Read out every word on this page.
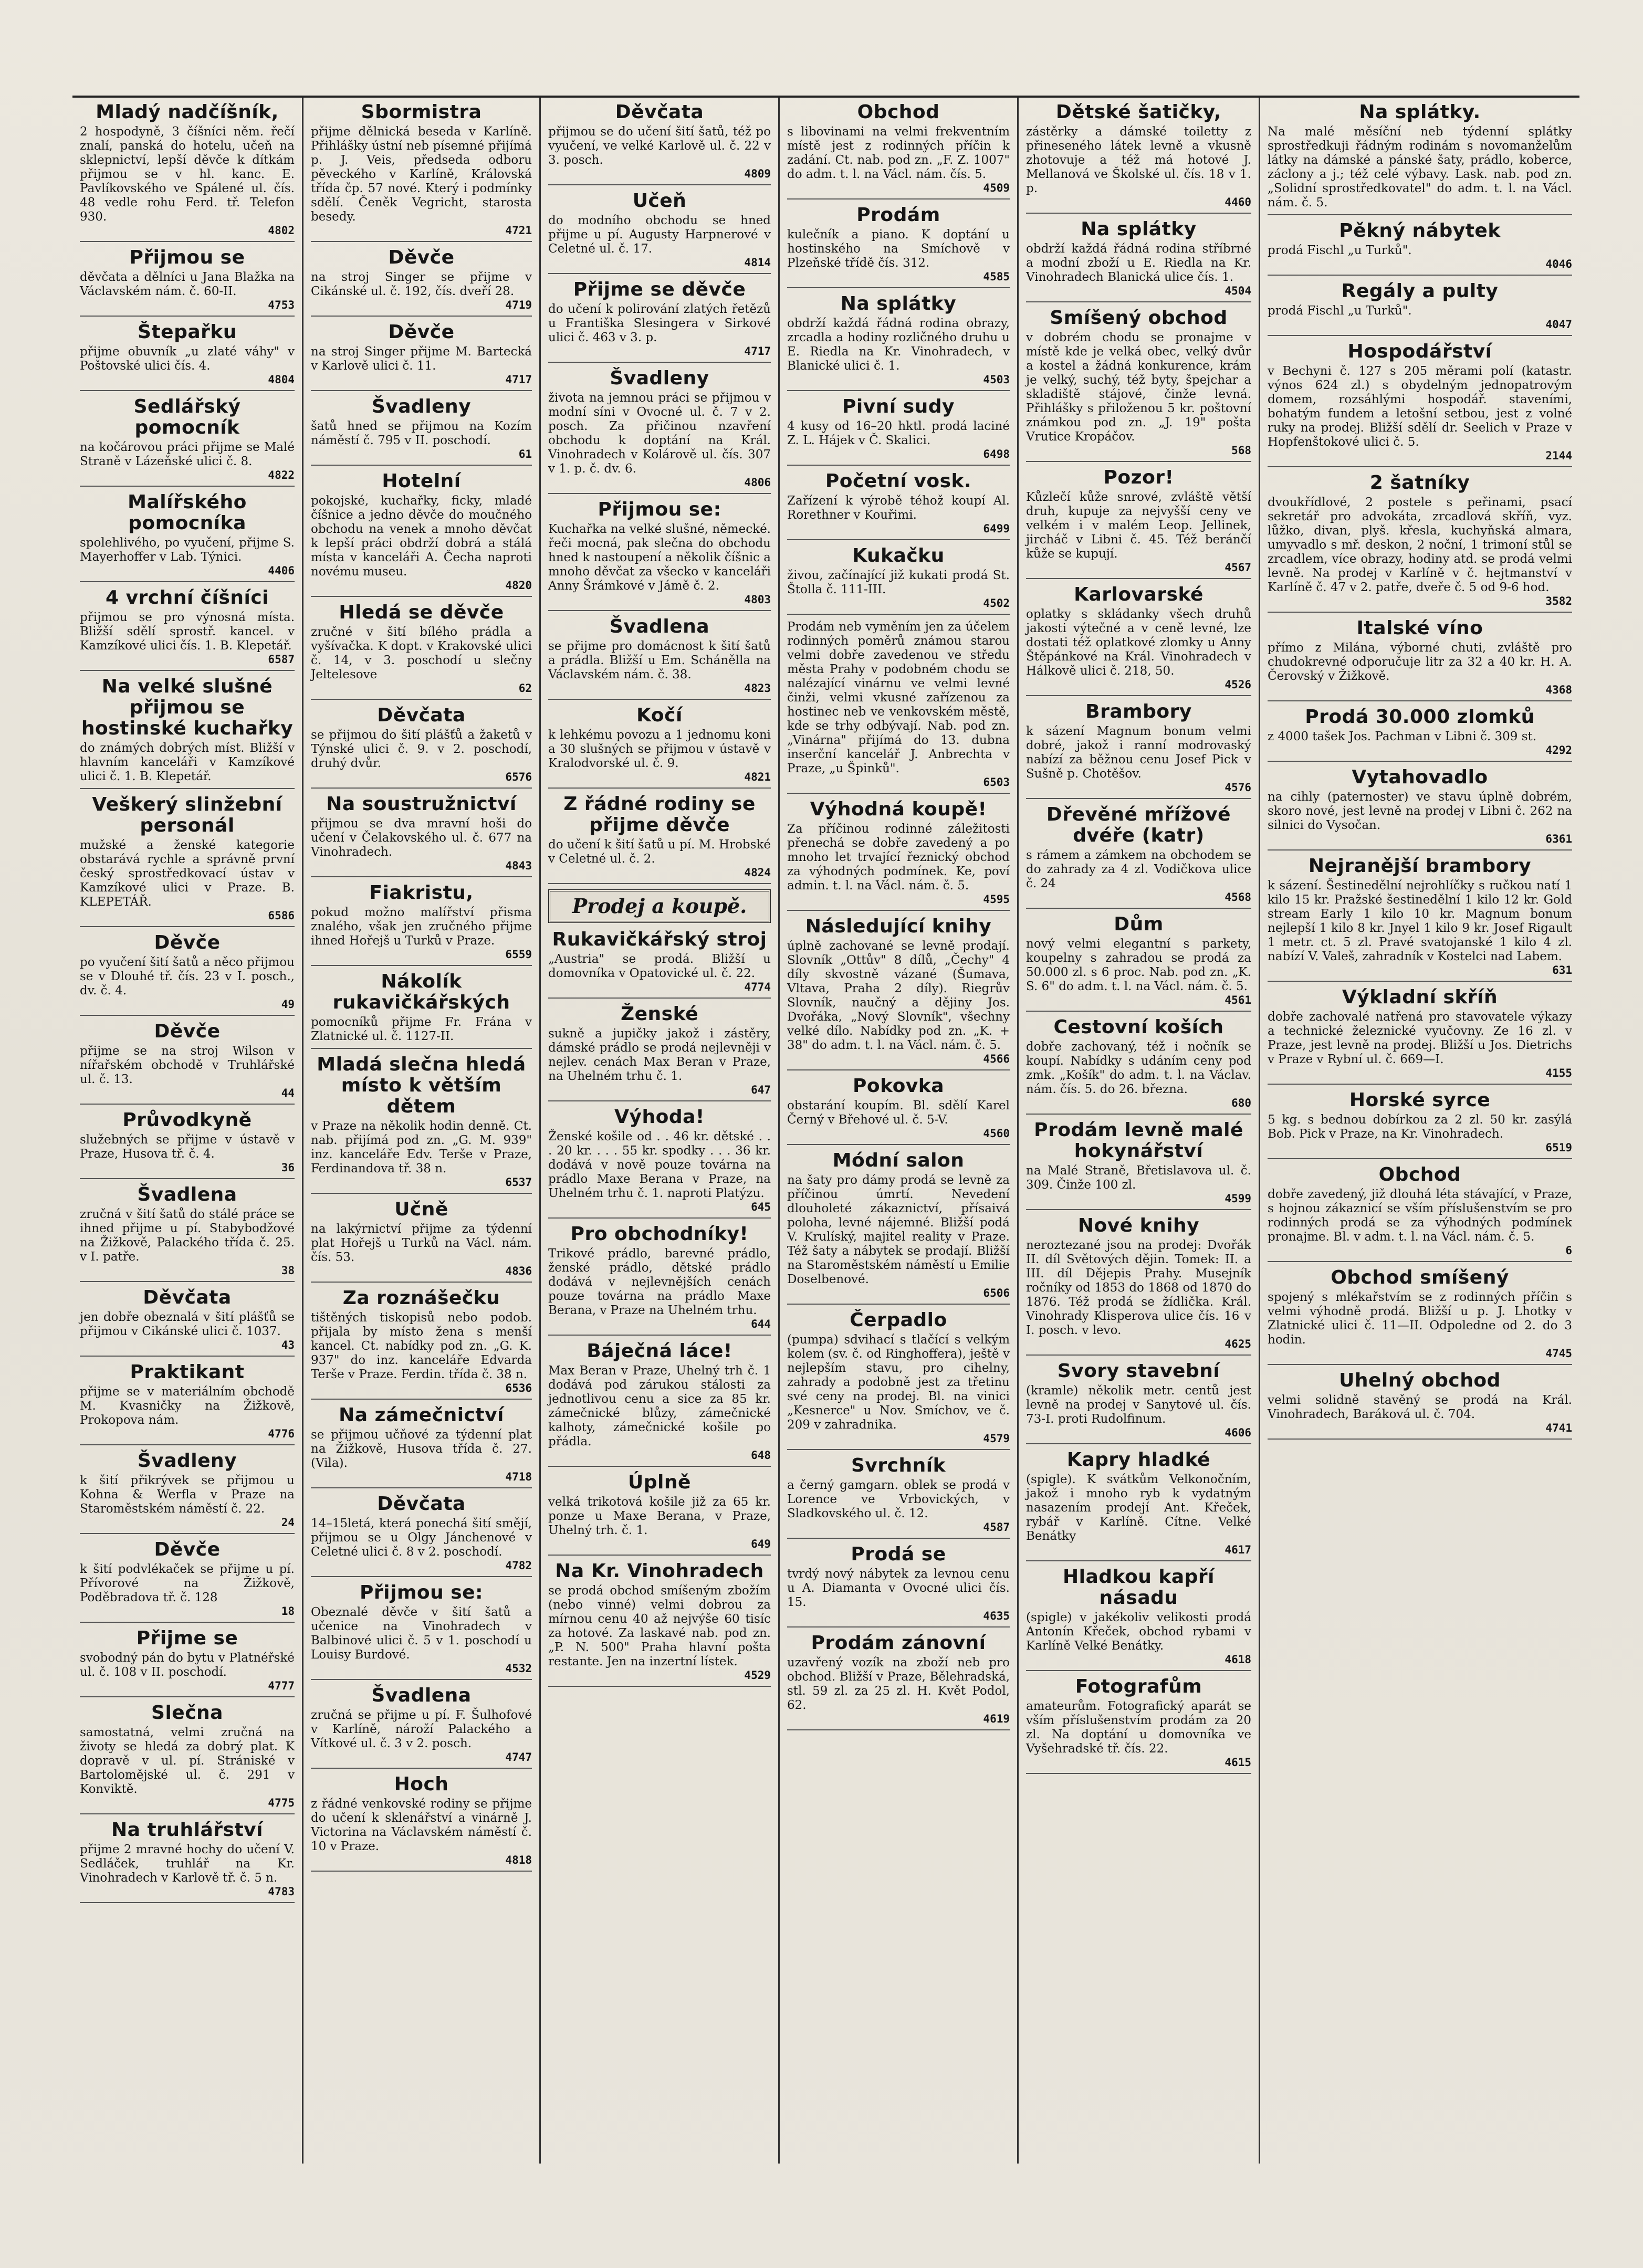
Mladý nadčíšník,

2 hospodyně, 3 číšníci něm. řečí znalí, panská do hotelu, učeň na sklepnictví, lepší děvče k dítkám přijmou se v hl. kanc. E. Pavlíkovského ve Spálené ul. čís. 48 vedle rohu Ferd. tř. Telefon 930.

4802
Přijmou se

děvčata a dělníci u Jana Blažka na Václavském nám. č. 60-II.

4753
Štepařku

přijme obuvník „u zlaté váhy" v Poštovské ulici čís. 4.

4804
Sedlářský pomocník

na kočárovou práci přijme se Malé Straně v Lázeňské ulici č. 8.

4822
Malířského pomocníka

spolehlivého, po vyučení, přijme S. Mayerhoffer v Lab. Týnici.

4406
4 vrchní číšníci

přijmou se pro výnosná místa. Bližší sdělí sprostř. kancel. v Kamzíkové ulici čís. 1. B. Klepetář.

6587
Na velké slušné přijmou se hostinské kuchařky

do známých dobrých míst. Bližší v hlavním kanceláři v Kamzíkové ulici č. 1. B. Klepetář.

Veškerý slinžební personál

mužské a ženské kategorie obstarává rychle a správně první český sprostředkovací ústav v Kamzíkové ulici v Praze. B. KLEPETÁŘ.

6586
Děvče

po vyučení šití šatů a něco přijmou se v Dlouhé tř. čís. 23 v I. posch., dv. č. 4.

49
Děvče

přijme se na stroj Wilson v nířařském obchodě v Truhlářské ul. č. 13.

44
Průvodkyně

služebných se přijme v ústavě v Praze, Husova tř. č. 4.

36
Švadlena

zručná v šití šatů do stálé práce se ihned přijme u pí. Stabybodžové na Žižkově, Palackého třída č. 25. v I. patře.

38
Děvčata

jen dobře obeznalá v šití plášťů se přijmou v Cikánské ulici č. 1037.

43
Praktikant

přijme se v materiálním obchodě M. Kvasničky na Žižkově, Prokopova nám.

4776
Švadleny

k šití přikrývek se přijmou u Kohna & Werfla v Praze na Staroměstském náměstí č. 22.

24
Děvče

k šití podvlékaček se přijme u pí. Přívorové na Žižkově, Poděbradova tř. č. 128

18
Přijme se

svobodný pán do bytu v Platnéřské ul. č. 108 v II. poschodí.

4777
Slečna

samostatná, velmi zručná na životy se hledá za dobrý plat. K dopravě v ul. pí. Strániské v Bartolomějské ul. č. 291 v Konviktě.

4775
Na truhlářství

přijme 2 mravné hochy do učení V. Sedláček, truhlář na Kr. Vinohradech v Karlově tř. č. 5 n.

4783
Sbormistra

přijme dělnická beseda v Karlíně. Přihlášky ústní neb písemné přijímá p. J. Veis, předseda odboru pěveckého v Karlíně, Královská třída čp. 57 nové. Který i podmínky sdělí. Čeněk Vegricht, starosta besedy.

4721
Děvče

na stroj Singer se přijme v Cikánské ul. č. 192, čís. dveří 28.

4719
Děvče

na stroj Singer přijme M. Bartecká v Karlově ulici č. 11.

4717
Švadleny

šatů hned se přijmou na Kozím náměstí č. 795 v II. poschodí.

61
Hotelní

pokojské, kuchařky, ficky, mladé číšnice a jedno děvče do moučného obchodu na venek a mnoho děvčat k lepší práci obdrží dobrá a stálá místa v kanceláři A. Čecha naproti novému museu.

4820
Hledá se děvče

zručné v šití bílého prádla a vyšívačka. K dopt. v Krakovské ulici č. 14, v 3. poschodí u slečny Jeltelesove

62
Děvčata

se přijmou do šití plášťů a žaketů v Týnské ulici č. 9. v 2. poschodí, druhý dvůr.

6576
Na soustružnictví

přijmou se dva mravní hoši do učení v Čelakovského ul. č. 677 na Vinohradech.

4843
Fiakristu,

pokud možno malířství přisma znalého, však jen zručného přijme ihned Hořejš u Turků v Praze.

6559
Nákolík rukavičkářských

pomocníků přijme Fr. Frána v Zlatnické ul. č. 1127-II.

Mladá slečna hledá místo k větším dětem

v Praze na několik hodin denně. Ct. nab. přijímá pod zn. „G. M. 939" inz. kanceláře Edv. Terše v Praze, Ferdinandova tř. 38 n.

6537
Učně

na lakýrnictví přijme za týdenní plat Hořejš u Turků na Václ. nám. čís. 53.

4836
Za roznášečku

tištěných tiskopisů nebo podob. přijala by místo žena s menší kancel. Ct. nabídky pod zn. „G. K. 937" do inz. kanceláře Edvarda Terše v Praze. Ferdin. třída č. 38 n.

6536
Na zámečnictví

se přijmou učňové za týdenní plat na Žižkově, Husova třída č. 27. (Vila).

4718
Děvčata

14–15letá, která ponechá šití smějí, přijmou se u Olgy Jánchenové v Celetné ulici č. 8 v 2. poschodí.

4782
Přijmou se:

Obeznalé děvče v šití šatů a učenice na Vinohradech v Balbinové ulici č. 5 v 1. poschodí u Louisy Burdové.

4532
Švadlena

zručná se přijme u pí. F. Šulhofové v Karlíně, nároží Palackého a Vítkové ul. č. 3 v 2. posch.

4747
Hoch

z řádné venkovské rodiny se přijme do učení k sklenářství a vinárně J. Victorina na Václavském náměstí č. 10 v Praze.

4818
Děvčata

přijmou se do učení šití šatů, též po vyučení, ve velké Karlově ul. č. 22 v 3. posch.

4809
Učeň

do modního obchodu se hned přijme u pí. Augusty Harpnerové v Celetné ul. č. 17.

4814
Přijme se děvče

do učení k polirování zlatých řetězů u Františka Slesingera v Sirkové ulici č. 463 v 3. p.

4717
Švadleny

života na jemnou práci se přijmou v modní síni v Ovocné ul. č. 7 v 2. posch. Za přičinou nzavření obchodu k doptání na Král. Vinohradech v Kolárově ul. čís. 307 v 1. p. č. dv. 6.

4806
Přijmou se:

Kuchařka na velké slušné, německé. řeči mocná, pak slečna do obchodu hned k nastoupení a několik číšnic a mnoho děvčat za všecko v kanceláři Anny Šrámkové v Jámě č. 2.

4803
Švadlena

se přijme pro domácnost k šití šatů a prádla. Bližší u Em. Schánělla na Václavském nám. č. 38.

4823
Kočí

k lehkému povozu a 1 jednomu koni a 30 slušných se přijmou v ústavě v Kralodvorské ul. č. 9.

4821
Z řádné rodiny se přijme děvče

do učení k šití šatů u pí. M. Hrobské v Celetné ul. č. 2.

4824
Prodej a koupě.
Rukavičkářský stroj

„Austria" se prodá. Bližší u domovníka v Opatovické ul. č. 22.

4774
Ženské

sukně a jupičky jakož i zástěry, dámské prádlo se prodá nejlevněji v nejlev. cenách Max Beran v Praze, na Uhelném trhu č. 1.

647
Výhoda!

Ženské košile od . . 46 kr. dětské . . . 20 kr. . . . 55 kr. spodky . . . 36 kr. dodává v nově pouze továrna na prádlo Maxe Berana v Praze, na Uhelném trhu č. 1. naproti Platýzu.

645
Pro obchodníky!

Trikové prádlo, barevné prádlo, ženské prádlo, dětské prádlo dodává v nejlevnějších cenách pouze továrna na prádlo Maxe Berana, v Praze na Uhelném trhu.

644
Báječná láce!

Max Beran v Praze, Uhelný trh č. 1 dodává pod zárukou stálosti za jednotlivou cenu a sice za 85 kr. zámečnické blůzy, zámečnické kalhoty, zámečnické košile po přádla.

648
Úplně

velká trikotová košile již za 65 kr. ponze u Maxe Berana, v Praze, Uhelný trh. č. 1.

649
Na Kr. Vinohradech

se prodá obchod smíšeným zbožím (nebo vinné) velmi dobrou za mírnou cenu 40 až nejvýše 60 tisíc za hotové. Za laskavé nab. pod zn. „P. N. 500" Praha hlavní pošta restante. Jen na inzertní lístek.

4529
Obchod

s libovinami na velmi frekventním místě jest z rodinných příčin k zadání. Ct. nab. pod zn. „F. Z. 1007" do adm. t. l. na Václ. nám. čís. 5.

4509
Prodám

kulečník a piano. K doptání u hostinského na Smíchově v Plzeňské třídě čís. 312.

4585
Na splátky

obdrží každá řádná rodina obrazy, zrcadla a hodiny rozličného druhu u E. Riedla na Kr. Vinohradech, v Blanické ulici č. 1.

4503
Pivní sudy

4 kusy od 16–20 hktl. prodá laciné Z. L. Hájek v Č. Skalici.

6498
Početní vosk.

Zařízení k výrobě téhož koupí Al. Rorethner v Kouřimi.

6499
Kukačku

živou, začínající již kukati prodá St. Štolla č. 111-III.

4502

Prodám neb vyměním jen za účelem rodinných poměrů známou starou velmi dobře zavedenou ve středu města Prahy v podobném chodu se nalézající vinárnu ve velmi levné činži, velmi vkusné zařízenou za hostinec neb ve venkovském městě, kde se trhy odbývají. Nab. pod zn. „Vinárna" přijímá do 13. dubna inserční kancelář J. Anbrechta v Praze, „u Špinků".

6503
Výhodná koupě!

Za příčinou rodinné záležitosti přenechá se dobře zavedený a po mnoho let trvající řeznický obchod za výhodných podmínek. Ke, poví admin. t. l. na Václ. nám. č. 5.

4595
Následující knihy

úplně zachované se levně prodají. Slovník „Ottův" 8 dílů, „Čechy" 4 díly skvostně vázané (Šumava, Vltava, Praha 2 díly). Riegrův Slovník, naučný a dějiny Jos. Dvořáka, „Nový Slovník", všechny velké dílo. Nabídky pod zn. „K. + 38" do adm. t. l. na Václ. nám. č. 5.

4566
Pokovka

obstarání koupím. Bl. sdělí Karel Černý v Břehové ul. č. 5-V.

4560
Módní salon

na šaty pro dámy prodá se levně za příčinou úmrtí. Nevedení dlouholeté zákaznictví, přísaivá poloha, levné nájemné. Bližší podá V. Krulíský, majitel reality v Praze. Též šaty a nábytek se prodají. Bližší na Staroměstském náměstí u Emilie Doselbenové.

6506
Čerpadlo

(pumpa) sdvihací s tlačící s velkým kolem (sv. č. od Ringhoffera), ještě v nejlepším stavu, pro cihelny, zahrady a podobně jest za třetinu své ceny na prodej. Bl. na vinici „Kesnerce" u Nov. Smíchov, ve č. 209 v zahradnika.

4579
Svrchník

a černý gamgarn. oblek se prodá v Lorence ve Vrbovických, v Sladkovského ul. č. 12.

4587
Prodá se

tvrdý nový nábytek za levnou cenu u A. Diamanta v Ovocné ulici čís. 15.

4635
Prodám zánovní

uzavřený vozík na zboží neb pro obchod. Bližší v Praze, Bělehradská, stl. 59 zl. za 25 zl. H. Květ Podol, 62.

4619
Dětské šatičky,

zástěrky a dámské toiletty z přineseného látek levně a vkusně zhotovuje a též má hotové J. Mellanová ve Školské ul. čís. 18 v 1. p.

4460
Na splátky

obdrží každá řádná rodina stříbrné a modní zboží u E. Riedla na Kr. Vinohradech Blanická ulice čís. 1.

4504
Smíšený obchod

v dobrém chodu se pronajme v místě kde je velká obec, velký dvůr a kostel a žádná konkurence, krám je velký, suchý, též byty, špejchar a skladiště stájové, činže levná. Přihlášky s přiloženou 5 kr. poštovní známkou pod zn. „J. 19" pošta Vrutice Kropáčov.

568
Pozor!

Kůzlečí kůže snrové, zvláště větší druh, kupuje za nejvyšší ceny ve velkém i v malém Leop. Jellinek, jircháč v Libni č. 45. Též beránčí kůže se kupují.

4567
Karlovarské

oplatky s skládanky všech druhů jakosti výtečné a v ceně levné, lze dostati též oplatkové zlomky u Anny Štěpánkové na Král. Vinohradech v Hálkově ulici č. 218, 50.

4526
Brambory

k sázení Magnum bonum velmi dobré, jakož i ranní modrovaský nabízí za běžnou cenu Josef Pick v Sušně p. Chotěšov.

4576
Dřevěné mřížové dvéře (katr)

s rámem a zámkem na obchodem se do zahrady za 4 zl. Vodičkova ulice č. 24

4568
Dům

nový velmi elegantní s parkety, koupelny s zahradou se prodá za 50.000 zl. s 6 proc. Nab. pod zn. „K. S. 6" do adm. t. l. na Václ. nám. č. 5.

4561
Cestovní koších

dobře zachovaný, též i nočník se koupí. Nabídky s udáním ceny pod zmk. „Košík" do adm. t. l. na Václav. nám. čís. 5. do 26. března.

680
Prodám levně malé hokynářství

na Malé Straně, Břetislavova ul. č. 309. Činže 100 zl.

4599
Nové knihy

neroztezané jsou na prodej: Dvořák II. díl Světových dějin. Tomek: II. a III. díl Dějepis Prahy. Musejník ročníky od 1853 do 1868 od 1870 do 1876. Též prodá se žídlička. Král. Vinohrady Klisperova ulice čís. 16 v I. posch. v levo.

4625
Svory stavební

(kramle) několik metr. centů jest levně na prodej v Sanytové ul. čís. 73-I. proti Rudolfinum.

4606
Kapry hladké

(spigle). K svátkům Velkonočním, jakož i mnoho ryb k vydatným nasazením prodejí Ant. Křeček, rybář v Karlíně. Cítne. Velké Benátky

4617
Hladkou kapří násadu

(spigle) v jakékoliv velikosti prodá Antonín Křeček, obchod rybami v Karlíně Velké Benátky.

4618
Fotografům

amateurům. Fotografický aparát se vším příslušenstvím prodám za 20 zl. Na doptání u domovníka ve Vyšehradské tř. čís. 22.

4615
Na splátky.

Na malé měsíční neb týdenní splátky sprostředkuji řádným rodinám s novomanželům látky na dámské a pánské šaty, prádlo, koberce, záclony a j.; též celé výbavy. Lask. nab. pod zn. „Solidní sprostředkovatel" do adm. t. l. na Václ. nám. č. 5.

Pěkný nábytek

prodá Fischl „u Turků".

4046
Regály a pulty

prodá Fischl „u Turků".

4047
Hospodářství

v Bechyni č. 127 s 205 měrami polí (katastr. výnos 624 zl.) s obydelným jednopatrovým domem, rozsáhlými hospodář. staveními, bohatým fundem a letošní setbou, jest z volné ruky na prodej. Bližší sdělí dr. Seelich v Praze v Hopfenštokové ulici č. 5.

2144
2 šatníky

dvoukřídlové, 2 postele s peřinami, psací sekretář pro advokáta, zrcadlová skříň, vyz. lůžko, divan, plyš. křesla, kuchyňská almara, umyvadlo s mř. deskon, 2 noční, 1 trimoní stůl se zrcadlem, více obrazy, hodiny atd. se prodá velmi levně. Na prodej v Karlíně v č. hejtmanství v Karlíně č. 47 v 2. patře, dveře č. 5 od 9-6 hod.

3582
Italské víno

přímo z Milána, výborné chuti, zvláště pro chudokrevné odporučuje litr za 32 a 40 kr. H. A. Čerovský v Žižkově.

4368
Prodá 30.000 zlomků

z 4000 tašek Jos. Pachman v Libni č. 309 st.

4292
Vytahovadlo

na cihly (paternoster) ve stavu úplně dobrém, skoro nové, jest levně na prodej v Libni č. 262 na silnici do Vysočan.

6361
Nejranější brambory

k sázení. Šestinedělní nejrohlíčky s ručkou natí 1 kilo 15 kr. Pražské šestinedělní 1 kilo 12 kr. Gold stream Early 1 kilo 10 kr. Magnum bonum nejlepší 1 kilo 8 kr. Jnyel 1 kilo 9 kr. Josef Rigault 1 metr. ct. 5 zl. Pravé svatojanské 1 kilo 4 zl. nabízí V. Valeš, zahradník v Kostelci nad Labem.

631
Výkladní skříň

dobře zachovalé natřená pro stavovatele výkazy a technické železnické vyučovny. Ze 16 zl. v Praze, jest levně na prodej. Bližší u Jos. Dietrichs v Praze v Rybní ul. č. 669—I.

4155
Horské syrce

5 kg. s bednou dobírkou za 2 zl. 50 kr. zasýlá Bob. Pick v Praze, na Kr. Vinohradech.

6519
Obchod

dobře zavedený, již dlouhá léta stávající, v Praze, s hojnou zákaznicí se vším příslušenstvím se pro rodinných prodá se za výhodných podmínek pronajme. Bl. v adm. t. l. na Václ. nám. č. 5.

6
Obchod smíšený

spojený s mlékařstvím se z rodinných příčin s velmi výhodně prodá. Bližší u p. J. Lhotky v Zlatnické ulici č. 11—II. Odpoledne od 2. do 3 hodin.

4745
Uhelný obchod

velmi solidně stavěný se prodá na Král. Vinohradech, Baráková ul. č. 704.

4741
